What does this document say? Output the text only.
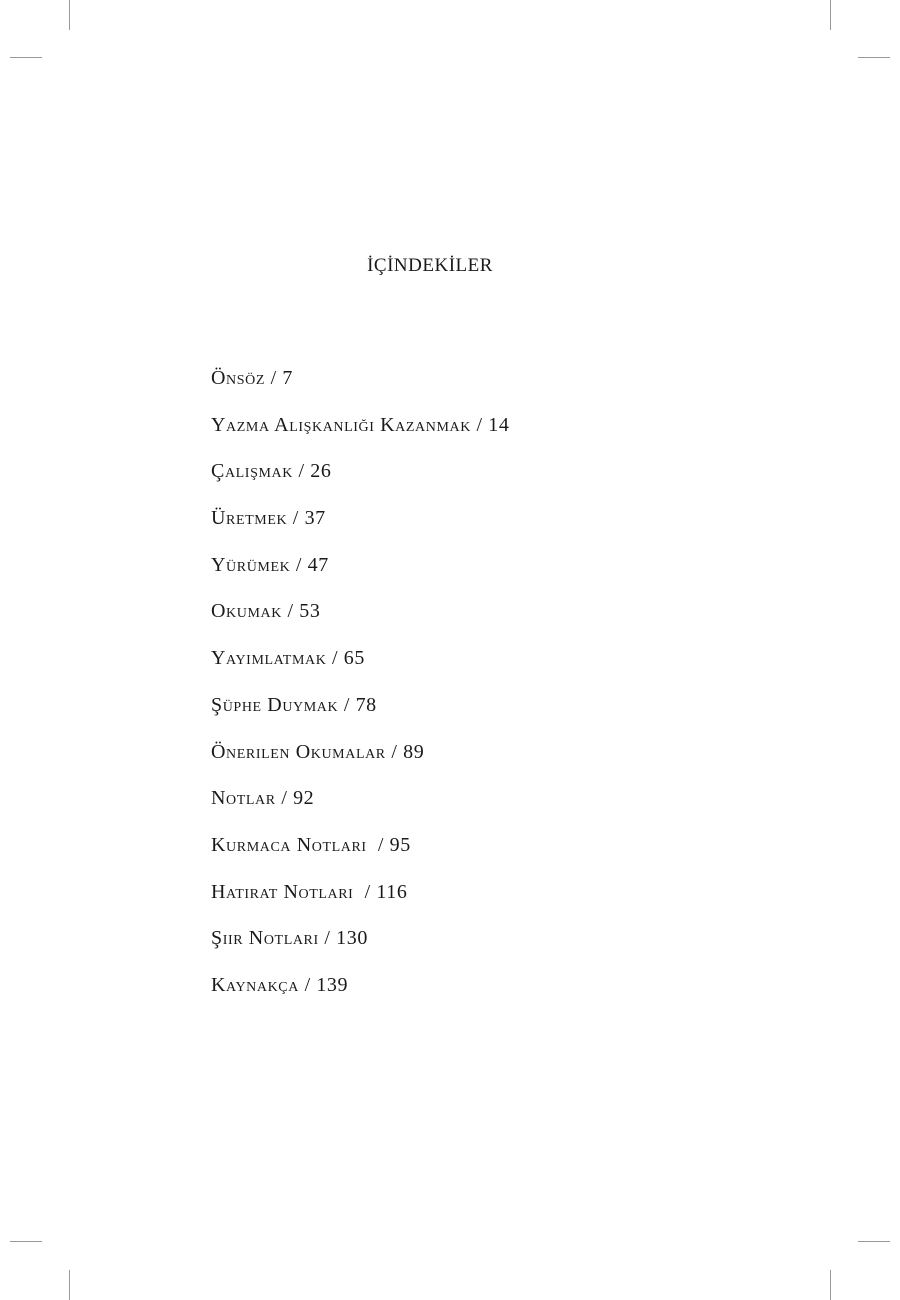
İÇİNDEKİLER
Önsöz / 7
Yazma Alışkanlığı Kazanmak / 14
Çalışmak / 26
Üretmek / 37
Yürümek / 47
Okumak / 53
Yayımlatmak / 65
Şüphe Duymak / 78
Önerilen Okumalar / 89
Notlar / 92
Kurmaca Notları  / 95
Hatırat Notları  / 116
Şiir Notları / 130
Kaynakça / 139
